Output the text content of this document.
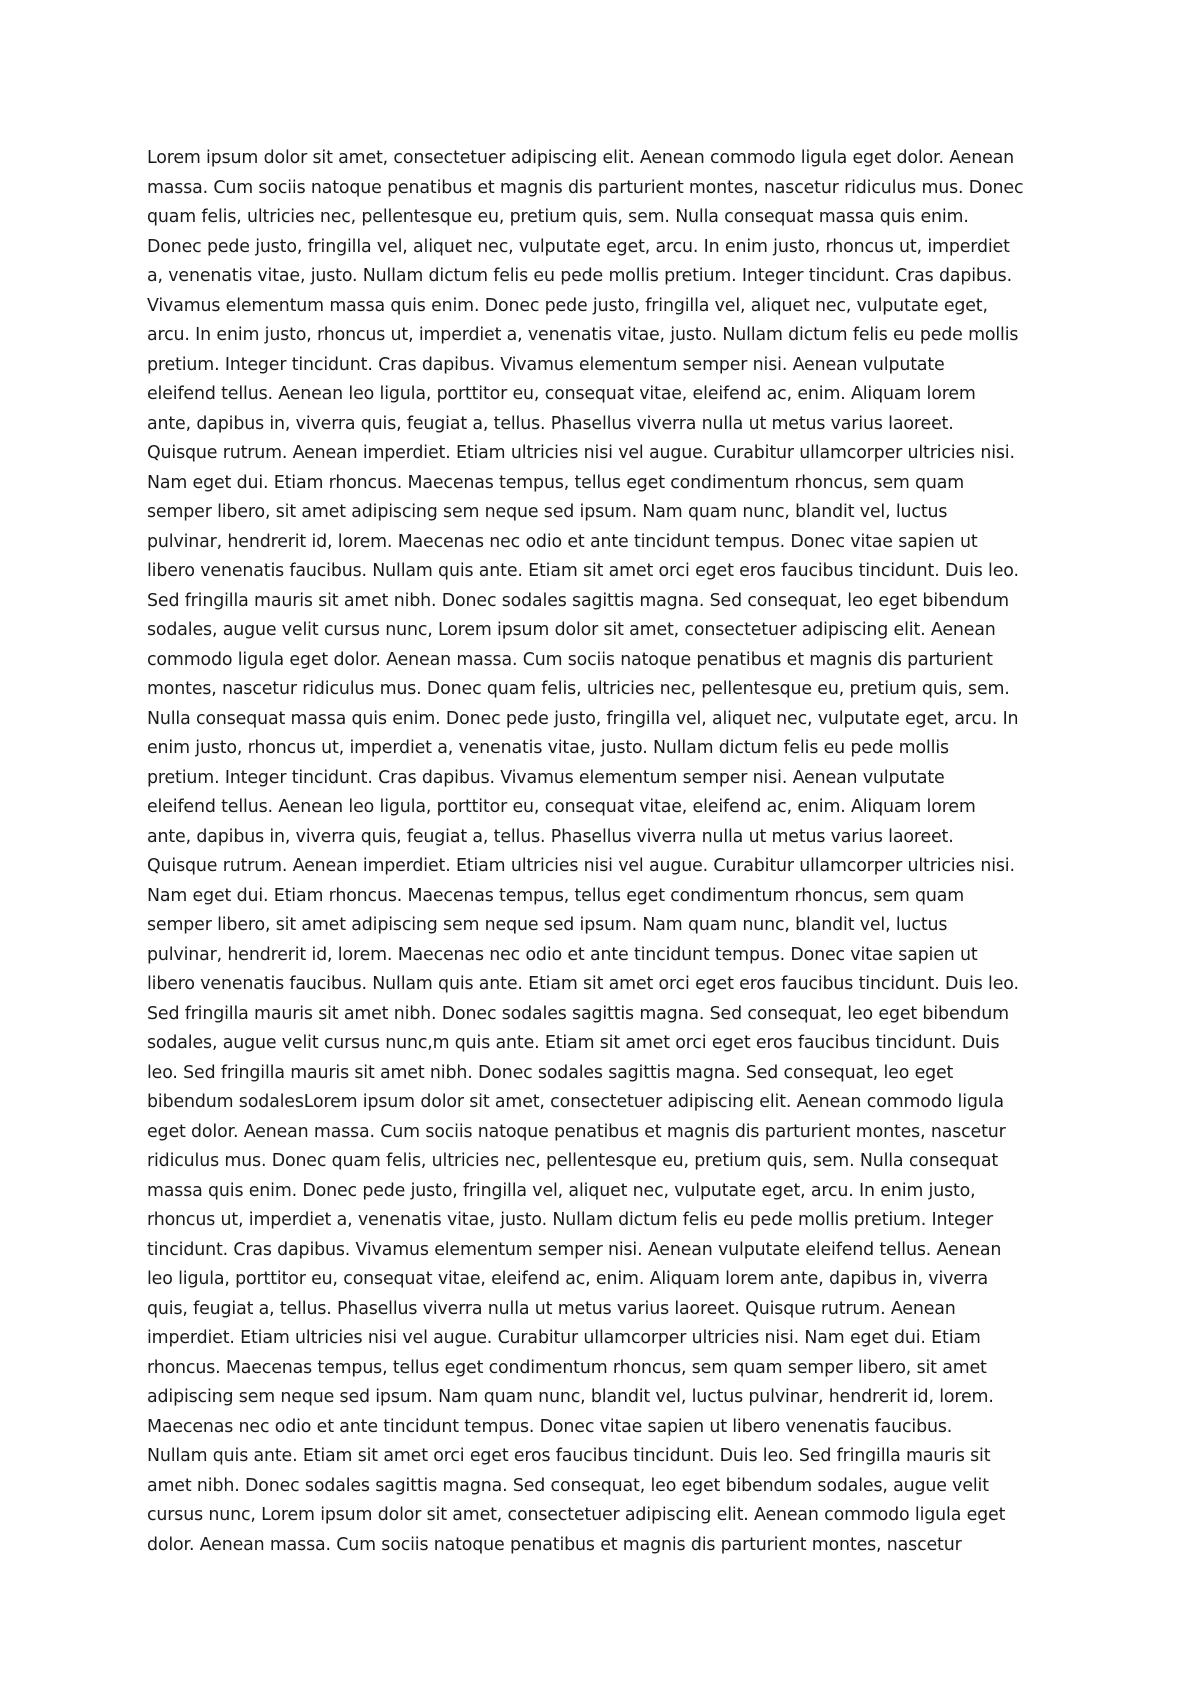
Lorem ipsum dolor sit amet, consectetuer adipiscing elit. Aenean commodo ligula eget dolor. Aenean
massa. Cum sociis natoque penatibus et magnis dis parturient montes, nascetur ridiculus mus. Donec
quam felis, ultricies nec, pellentesque eu, pretium quis, sem. Nulla consequat massa quis enim.
Donec pede justo, fringilla vel, aliquet nec, vulputate eget, arcu. In enim justo, rhoncus ut, imperdiet
a, venenatis vitae, justo. Nullam dictum felis eu pede mollis pretium. Integer tincidunt. Cras dapibus.
Vivamus elementum massa quis enim. Donec pede justo, fringilla vel, aliquet nec, vulputate eget,
arcu. In enim justo, rhoncus ut, imperdiet a, venenatis vitae, justo. Nullam dictum felis eu pede mollis
pretium. Integer tincidunt. Cras dapibus. Vivamus elementum semper nisi. Aenean vulputate
eleifend tellus. Aenean leo ligula, porttitor eu, consequat vitae, eleifend ac, enim. Aliquam lorem
ante, dapibus in, viverra quis, feugiat a, tellus. Phasellus viverra nulla ut metus varius laoreet.
Quisque rutrum. Aenean imperdiet. Etiam ultricies nisi vel augue. Curabitur ullamcorper ultricies nisi.
Nam eget dui. Etiam rhoncus. Maecenas tempus, tellus eget condimentum rhoncus, sem quam
semper libero, sit amet adipiscing sem neque sed ipsum. Nam quam nunc, blandit vel, luctus
pulvinar, hendrerit id, lorem. Maecenas nec odio et ante tincidunt tempus. Donec vitae sapien ut
libero venenatis faucibus. Nullam quis ante. Etiam sit amet orci eget eros faucibus tincidunt. Duis leo.
Sed fringilla mauris sit amet nibh. Donec sodales sagittis magna. Sed consequat, leo eget bibendum
sodales, augue velit cursus nunc, Lorem ipsum dolor sit amet, consectetuer adipiscing elit. Aenean
commodo ligula eget dolor. Aenean massa. Cum sociis natoque penatibus et magnis dis parturient
montes, nascetur ridiculus mus. Donec quam felis, ultricies nec, pellentesque eu, pretium quis, sem.
Nulla consequat massa quis enim. Donec pede justo, fringilla vel, aliquet nec, vulputate eget, arcu. In
enim justo, rhoncus ut, imperdiet a, venenatis vitae, justo. Nullam dictum felis eu pede mollis
pretium. Integer tincidunt. Cras dapibus. Vivamus elementum semper nisi. Aenean vulputate
eleifend tellus. Aenean leo ligula, porttitor eu, consequat vitae, eleifend ac, enim. Aliquam lorem
ante, dapibus in, viverra quis, feugiat a, tellus. Phasellus viverra nulla ut metus varius laoreet.
Quisque rutrum. Aenean imperdiet. Etiam ultricies nisi vel augue. Curabitur ullamcorper ultricies nisi.
Nam eget dui. Etiam rhoncus. Maecenas tempus, tellus eget condimentum rhoncus, sem quam
semper libero, sit amet adipiscing sem neque sed ipsum. Nam quam nunc, blandit vel, luctus
pulvinar, hendrerit id, lorem. Maecenas nec odio et ante tincidunt tempus. Donec vitae sapien ut
libero venenatis faucibus. Nullam quis ante. Etiam sit amet orci eget eros faucibus tincidunt. Duis leo.
Sed fringilla mauris sit amet nibh. Donec sodales sagittis magna. Sed consequat, leo eget bibendum
sodales, augue velit cursus nunc,m quis ante. Etiam sit amet orci eget eros faucibus tincidunt. Duis
leo. Sed fringilla mauris sit amet nibh. Donec sodales sagittis magna. Sed consequat, leo eget
bibendum sodalesLorem ipsum dolor sit amet, consectetuer adipiscing elit. Aenean commodo ligula
eget dolor. Aenean massa. Cum sociis natoque penatibus et magnis dis parturient montes, nascetur
ridiculus mus. Donec quam felis, ultricies nec, pellentesque eu, pretium quis, sem. Nulla consequat
massa quis enim. Donec pede justo, fringilla vel, aliquet nec, vulputate eget, arcu. In enim justo,
rhoncus ut, imperdiet a, venenatis vitae, justo. Nullam dictum felis eu pede mollis pretium. Integer
tincidunt. Cras dapibus. Vivamus elementum semper nisi. Aenean vulputate eleifend tellus. Aenean
leo ligula, porttitor eu, consequat vitae, eleifend ac, enim. Aliquam lorem ante, dapibus in, viverra
quis, feugiat a, tellus. Phasellus viverra nulla ut metus varius laoreet. Quisque rutrum. Aenean
imperdiet. Etiam ultricies nisi vel augue. Curabitur ullamcorper ultricies nisi. Nam eget dui. Etiam
rhoncus. Maecenas tempus, tellus eget condimentum rhoncus, sem quam semper libero, sit amet
adipiscing sem neque sed ipsum. Nam quam nunc, blandit vel, luctus pulvinar, hendrerit id, lorem.
Maecenas nec odio et ante tincidunt tempus. Donec vitae sapien ut libero venenatis faucibus.
Nullam quis ante. Etiam sit amet orci eget eros faucibus tincidunt. Duis leo. Sed fringilla mauris sit
amet nibh. Donec sodales sagittis magna. Sed consequat, leo eget bibendum sodales, augue velit
cursus nunc, Lorem ipsum dolor sit amet, consectetuer adipiscing elit. Aenean commodo ligula eget
dolor. Aenean massa. Cum sociis natoque penatibus et magnis dis parturient montes, nascetur
